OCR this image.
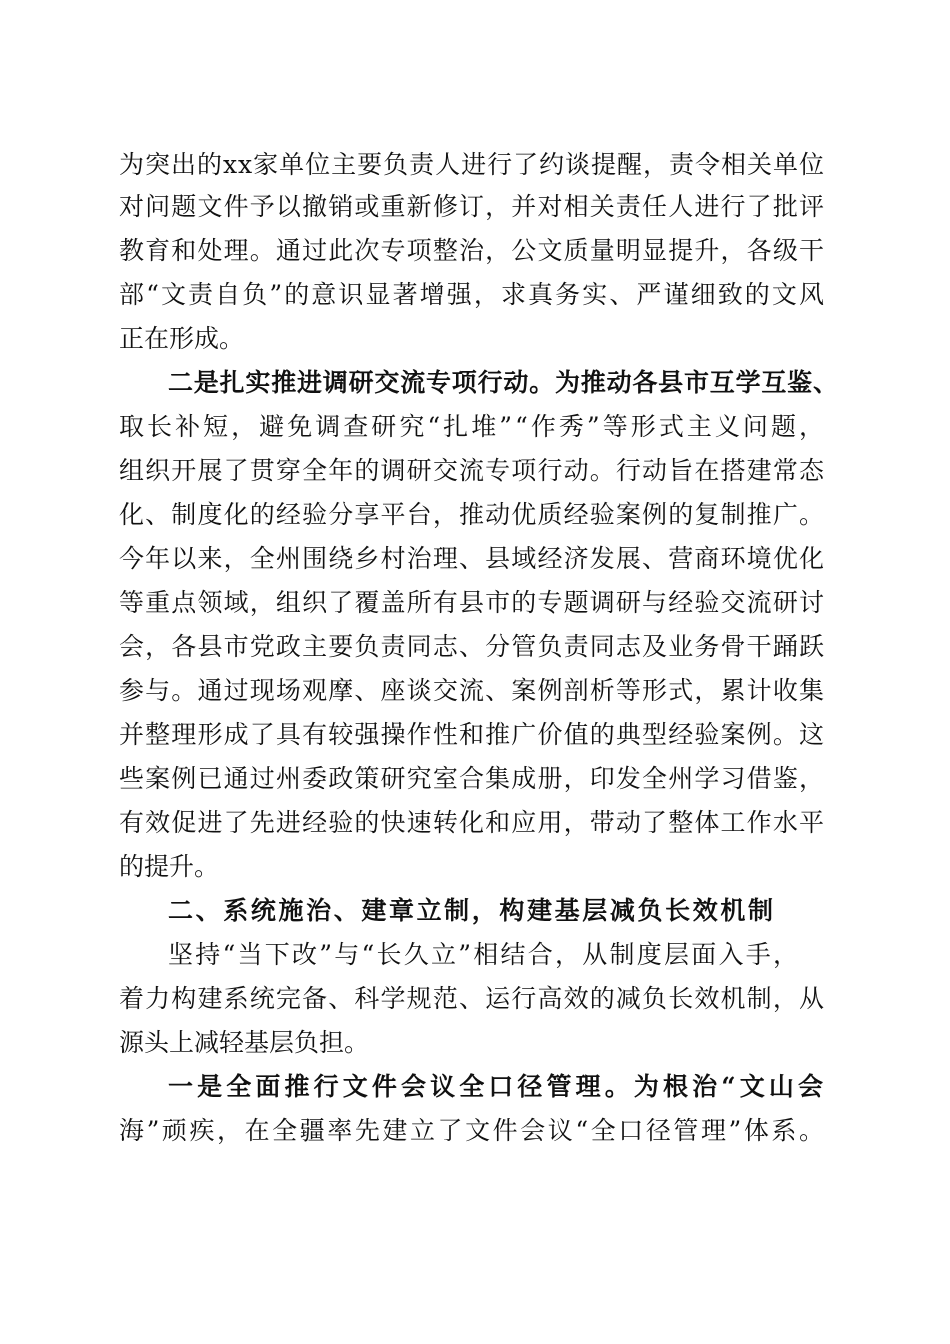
为突出的xx家单位主要负责人进行了约谈提醒，责令相关单位
对问题文件予以撤销或重新修订，并对相关责任人进行了批评
教育和处理。通过此次专项整治，公文质量明显提升，各级干
部“文责自负”的意识显著增强，求真务实、严谨细致的文风
正在形成。
二是扎实推进调研交流专项行动。为推动各县市互学互鉴、
取长补短，避免调查研究“扎堆”“作秀”等形式主义问题，
组织开展了贯穿全年的调研交流专项行动。行动旨在搭建常态
化、制度化的经验分享平台，推动优质经验案例的复制推广。
今年以来，全州围绕乡村治理、县域经济发展、营商环境优化
等重点领域，组织了覆盖所有县市的专题调研与经验交流研讨
会，各县市党政主要负责同志、分管负责同志及业务骨干踊跃
参与。通过现场观摩、座谈交流、案例剖析等形式，累计收集
并整理形成了具有较强操作性和推广价值的典型经验案例。这
些案例已通过州委政策研究室合集成册，印发全州学习借鉴，
有效促进了先进经验的快速转化和应用，带动了整体工作水平
的提升。
二、系统施治、建章立制，构建基层减负长效机制
坚持“当下改”与“长久立”相结合，从制度层面入手，
着力构建系统完备、科学规范、运行高效的减负长效机制，从
源头上减轻基层负担。
一是全面推行文件会议全口径管理。为根治“文山会
海”顽疾，在全疆率先建立了文件会议“全口径管理”体系。
